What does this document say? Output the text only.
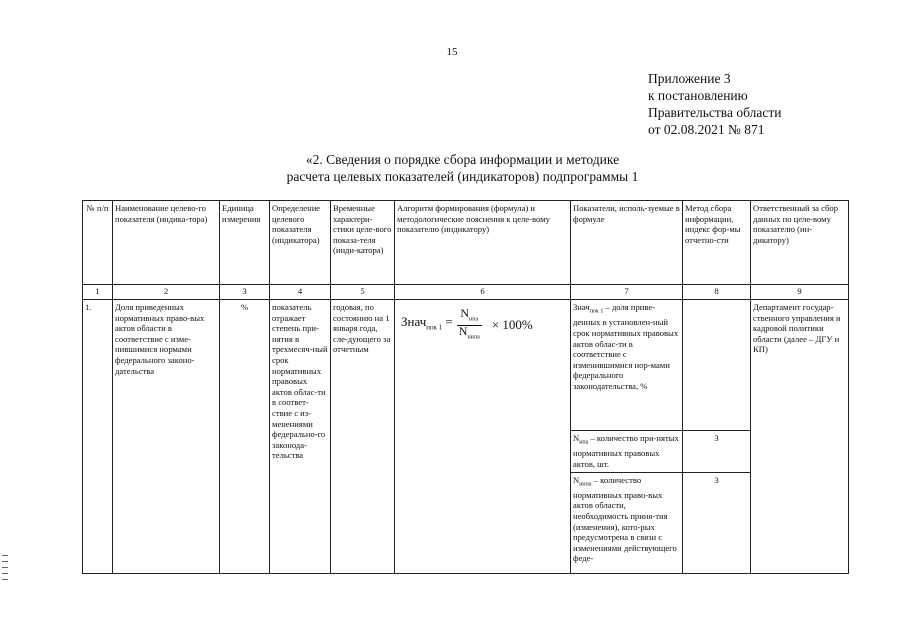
15
Приложение 3
к постановлению
Правительства области
от 02.08.2021 № 871
«2. Сведения о порядке сбора информации и методике
расчета целевых показателей (индикаторов) подпрограммы 1
№ п/п	Наименование целево-го показателя (индика-тора)	Единица измерения	Определение целевого показателя (индикатора)	Временные характери-стики целе-вого показа-теля (инди-катора)	Алгоритм формирования (формула) и методологические пояснения к целе-вому показателю (индикатору)	Показатели, исполь-зуемые в формуле	Метод сбора информации, индекс фор-мы отчетно-сти	Ответственный за сбор данных по целе-вому показателю (ин-дикатору)
1	2	3	4	5	6	7	8	9
1.	Доля приведенных нормативных право-вых актов области в соответствие с изме-нившимися нормами федерального законо-дательства	%	показатель отражает степень при-нятия в трехмесяч-ный срок нормативных правовых актов облас-ти в соответ-ствие с из-менениями федерально-го законода-тельства	годовая, по состоянию на 1 января года, сле-дующего за отчетным	Знач$_{пок 1}$ = $\frac{N_{нпа}}{N_{ннпа}} \times 100\%$	Знач$_{пок 1}$ – доля приве-денных в установлен-ный срок нормативных правовых актов облас-ти в соответствие с изменившимися нор-мами федерального законодательства, %		Департамент государ-ственного управления и кадровой политики области (далее – ДГУ и КП)
						$N_{нпа}$ – количество при-нятых нормативных правовых актов, шт.	3	
						$N_{ннпа}$ – количество нормативных право-вых актов области, необходимость приня-тия (изменения), кото-рых предусмотрена в связи с изменениями действующего феде-	3	
